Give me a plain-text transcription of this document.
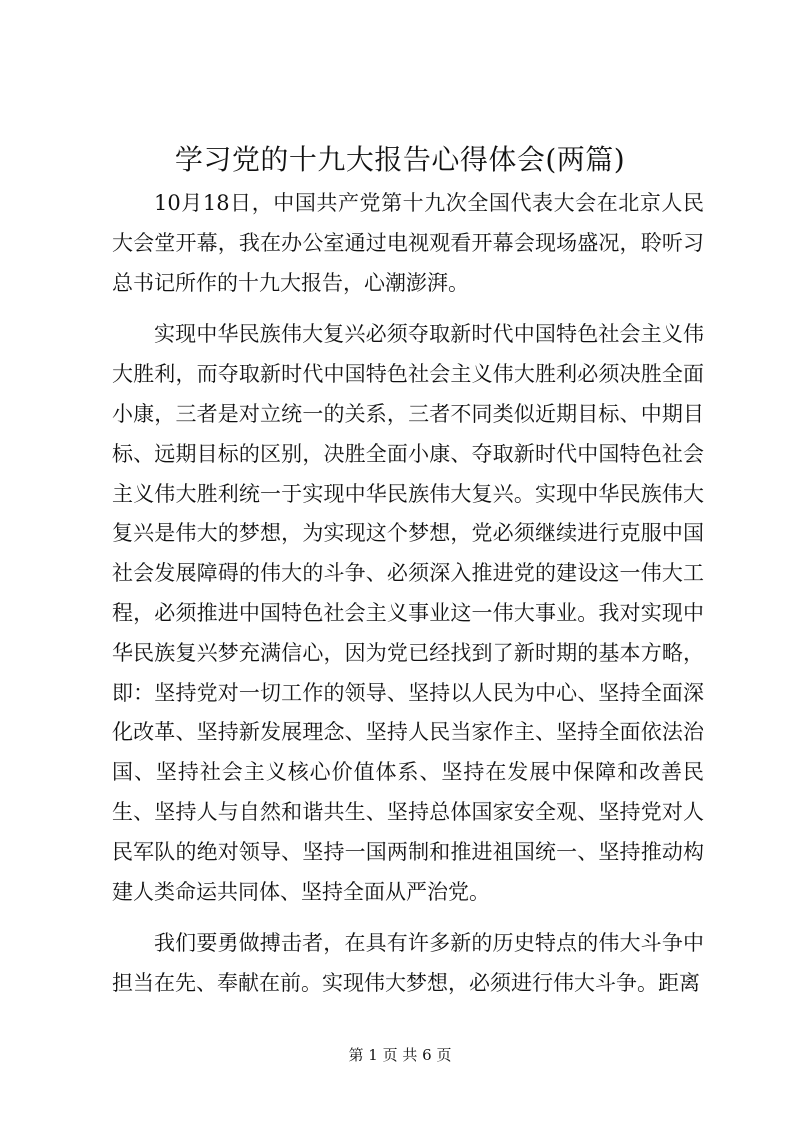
学习党的十九大报告心得体会(两篇)

10月18日，中国共产党第十九次全国代表大会在北京人民大会堂开幕，我在办公室通过电视观看开幕会现场盛况，聆听习总书记所作的十九大报告，心潮澎湃。

实现中华民族伟大复兴必须夺取新时代中国特色社会主义伟大胜利，而夺取新时代中国特色社会主义伟大胜利必须决胜全面小康，三者是对立统一的关系，三者不同类似近期目标、中期目标、远期目标的区别，决胜全面小康、夺取新时代中国特色社会主义伟大胜利统一于实现中华民族伟大复兴。实现中华民族伟大复兴是伟大的梦想，为实现这个梦想，党必须继续进行克服中国社会发展障碍的伟大的斗争、必须深入推进党的建设这一伟大工程，必须推进中国特色社会主义事业这一伟大事业。我对实现中华民族复兴梦充满信心，因为党已经找到了新时期的基本方略，即：坚持党对一切工作的领导、坚持以人民为中心、坚持全面深化改革、坚持新发展理念、坚持人民当家作主、坚持全面依法治国、坚持社会主义核心价值体系、坚持在发展中保障和改善民生、坚持人与自然和谐共生、坚持总体国家安全观、坚持党对人民军队的绝对领导、坚持一国两制和推进祖国统一、坚持推动构建人类命运共同体、坚持全面从严治党。

我们要勇做搏击者，在具有许多新的历史特点的伟大斗争中担当在先、奉献在前。实现伟大梦想，必须进行伟大斗争。距离

第 1 页 共 6 页
